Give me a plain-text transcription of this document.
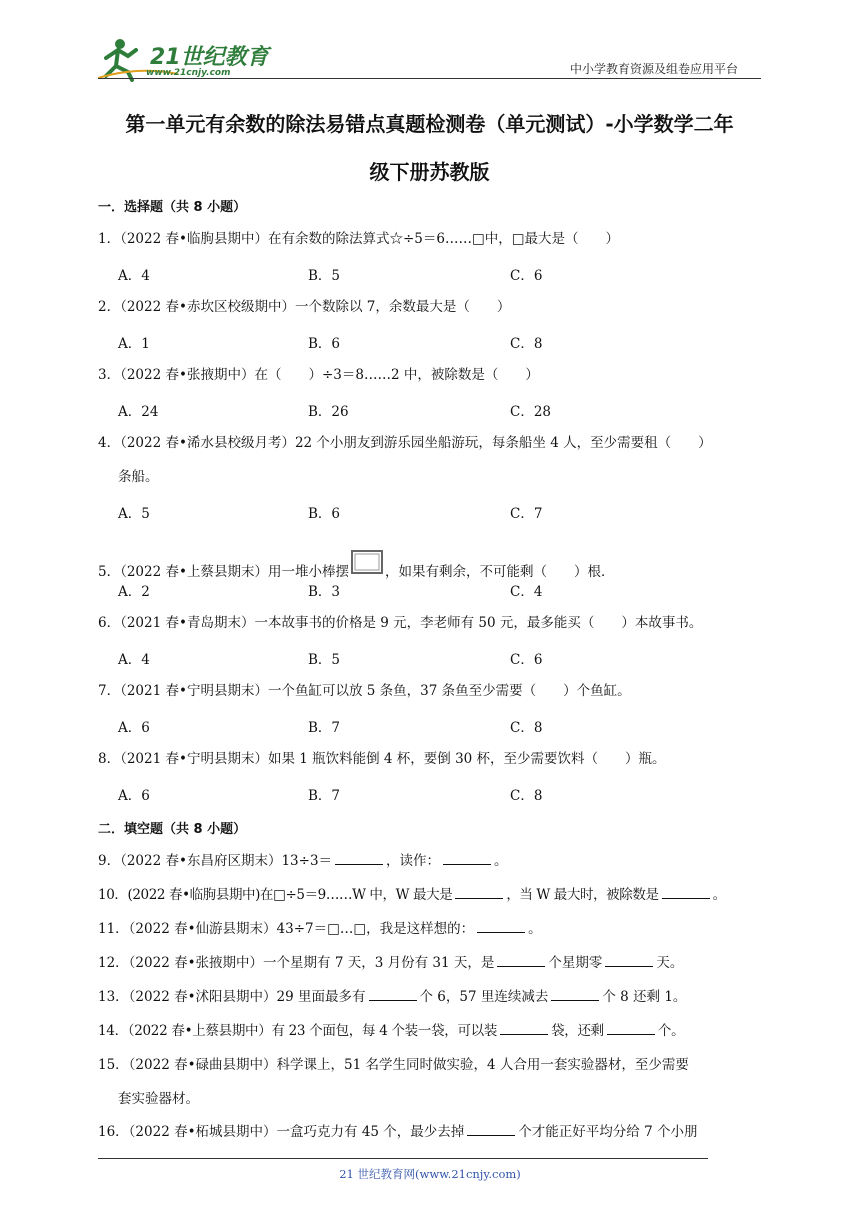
21世纪教育
www.21cnjy.com	中小学教育资源及组卷应用平台
第一单元有余数的除法易错点真题检测卷（单元测试）-小学数学二年
级下册苏教版
一．选择题（共 8 小题）
1．（2022 春•临朐县期中）在有余数的除法算式☆÷5＝6……□中，□最大是（　　）
A．4	B．5	C．6
2．（2022 春•赤坎区校级期中）一个数除以 7，余数最大是（　　）
A．1	B．6	C．8
3．（2022 春•张掖期中）在（　　）÷3＝8……2 中，被除数是（　　）
A．24	B．26	C．28
4．（2022 春•浠水县校级月考）22 个小朋友到游乐园坐船游玩，每条船坐 4 人，至少需要租（　　）
条船。
A．5	B．6	C．7
5．（2022 春•上蔡县期末）用一堆小棒摆	，如果有剩余，不可能剩（　　）根．
A．2	B．3	C．4
6．（2021 春•青岛期末）一本故事书的价格是 9 元，李老师有 50 元，最多能买（　　）本故事书。
A．4	B．5	C．6
7．（2021 春•宁明县期末）一个鱼缸可以放 5 条鱼，37 条鱼至少需要（　　）个鱼缸。
A．6	B．7	C．8
8．（2021 春•宁明县期末）如果 1 瓶饮料能倒 4 杯，要倒 30 杯，至少需要饮料（　　）瓶。
A．6	B．7	C．8
二．填空题（共 8 小题）
9．（2022 春•东昌府区期末）13÷3＝	，读作：	。
10．(2022 春•临朐县期中)在□÷5＝9……W 中，W 最大是	，当 W 最大时，被除数是	。
11．（2022 春•仙游县期末）43÷7＝□…□，我是这样想的：	。
12．（2022 春•张掖期中）一个星期有 7 天，3 月份有 31 天，是	个星期零	天。
13．（2022 春•沭阳县期中）29 里面最多有	个 6，57 里连续减去	个 8 还剩 1。
14．（2022 春•上蔡县期中）有 23 个面包，每 4 个装一袋，可以装	袋，还剩	个。
15．（2022 春•碌曲县期中）科学课上，51 名学生同时做实验，4 人合用一套实验器材，至少需要
套实验器材。
16．（2022 春•柘城县期中）一盒巧克力有 45 个，最少去掉	个才能正好平均分给 7 个小朋
21 世纪教育网(www.21cnjy.com)
